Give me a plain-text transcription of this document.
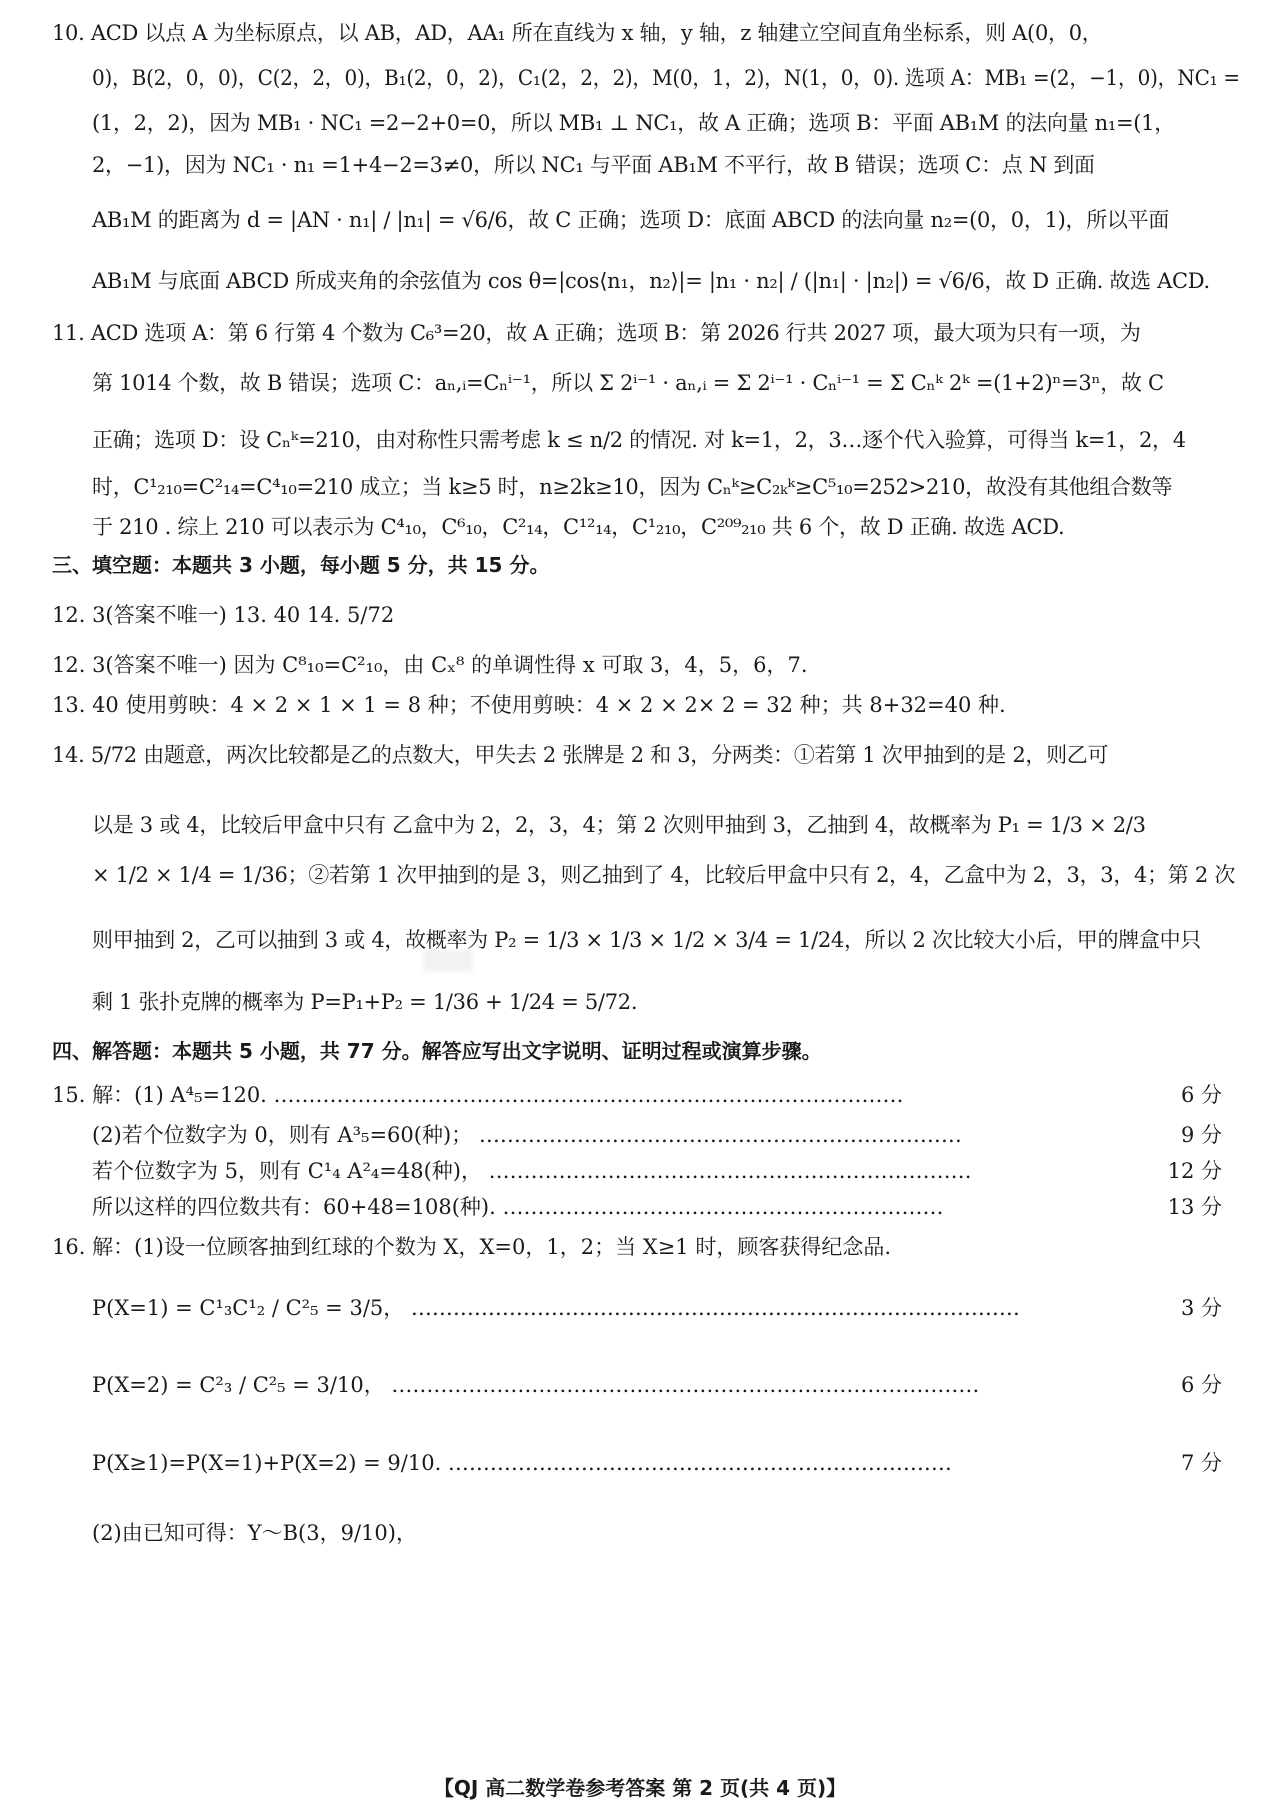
10. ACD 以点 A 为坐标原点，以 AB，AD，AA₁ 所在直线为 x 轴，y 轴，z 轴建立空间直角坐标系，则 A(0，0，
0)，B(2，0，0)，C(2，2，0)，B₁(2，0，2)，C₁(2，2，2)，M(0，1，2)，N(1，0，0). 选项 A：MB₁ =(2，−1，0)，NC₁ =
(1，2，2)，因为 MB₁ · NC₁ =2−2+0=0，所以 MB₁ ⊥ NC₁，故 A 正确；选项 B：平面 AB₁M 的法向量 n₁=(1，
2，−1)，因为 NC₁ · n₁ =1+4−2=3≠0，所以 NC₁ 与平面 AB₁M 不平行，故 B 错误；选项 C：点 N 到面
AB₁M 的距离为 d = |AN · n₁| / |n₁| = √6/6，故 C 正确；选项 D：底面 ABCD 的法向量 n₂=(0，0，1)，所以平面
AB₁M 与底面 ABCD 所成夹角的余弦值为 cos θ=|cos⟨n₁，n₂⟩|= |n₁ · n₂| / (|n₁| · |n₂|) = √6/6，故 D 正确. 故选 ACD.
11. ACD 选项 A：第 6 行第 4 个数为 C₆³=20，故 A 正确；选项 B：第 2026 行共 2027 项，最大项为只有一项，为
第 1014 个数，故 B 错误；选项 C：aₙ,ᵢ=Cₙⁱ⁻¹，所以 Σ 2ⁱ⁻¹ · aₙ,ᵢ = Σ 2ⁱ⁻¹ · Cₙⁱ⁻¹ = Σ Cₙᵏ 2ᵏ =(1+2)ⁿ=3ⁿ，故 C
正确；选项 D：设 Cₙᵏ=210，由对称性只需考虑 k ≤ n/2 的情况. 对 k=1，2，3…逐个代入验算，可得当 k=1，2，4
时，C¹₂₁₀=C²₁₄=C⁴₁₀=210 成立；当 k≥5 时，n≥2k≥10，因为 Cₙᵏ≥C₂ₖᵏ≥C⁵₁₀=252>210，故没有其他组合数等
于 210 . 综上 210 可以表示为 C⁴₁₀，C⁶₁₀，C²₁₄，C¹²₁₄，C¹₂₁₀，C²⁰⁹₂₁₀ 共 6 个，故 D 正确. 故选 ACD.
三、填空题：本题共 3 小题，每小题 5 分，共 15 分。
12. 3(答案不唯一) 13. 40 14. 5/72
12. 3(答案不唯一) 因为 C⁸₁₀=C²₁₀，由 Cₓ⁸ 的单调性得 x 可取 3，4，5，6，7.
13. 40 使用剪映：4 × 2 × 1 × 1 = 8 种；不使用剪映：4 × 2 × 2× 2 = 32 种；共 8+32=40 种.
14. 5/72 由题意，两次比较都是乙的点数大，甲失去 2 张牌是 2 和 3，分两类：①若第 1 次甲抽到的是 2，则乙可
以是 3 或 4，比较后甲盒中只有 乙盒中为 2，2，3，4；第 2 次则甲抽到 3，乙抽到 4，故概率为 P₁ = 1/3 × 2/3
× 1/2 × 1/4 = 1/36；②若第 1 次甲抽到的是 3，则乙抽到了 4，比较后甲盒中只有 2，4，乙盒中为 2，3，3，4；第 2 次
则甲抽到 2，乙可以抽到 3 或 4，故概率为 P₂ = 1/3 × 1/3 × 1/2 × 3/4 = 1/24，所以 2 次比较大小后，甲的牌盒中只
剩 1 张扑克牌的概率为 P=P₁+P₂ = 1/36 + 1/24 = 5/72.
四、解答题：本题共 5 小题，共 77 分。解答应写出文字说明、证明过程或演算步骤。
15. 解：(1) A⁴₅=120. ………………………………………………………………………………	6 分
(2)若个位数字为 0，则有 A³₅=60(种)； ……………………………………………………………	9 分
若个位数字为 5，则有 C¹₄ A²₄=48(种)， ……………………………………………………………	12 分
所以这样的四位数共有：60+48=108(种). ………………………………………………………	13 分
16. 解：(1)设一位顾客抽到红球的个数为 X，X=0，1，2；当 X≥1 时，顾客获得纪念品.
P(X=1) = C¹₃C¹₂ / C²₅ = 3/5， ……………………………………………………………………………	3 分
P(X=2) = C²₃ / C²₅ = 3/10， …………………………………………………………………………	6 分
P(X≥1)=P(X=1)+P(X=2) = 9/10. ………………………………………………………………	7 分
(2)由已知可得：Y～B(3，9/10)，
【QJ 高二数学卷参考答案 第 2 页(共 4 页)】
